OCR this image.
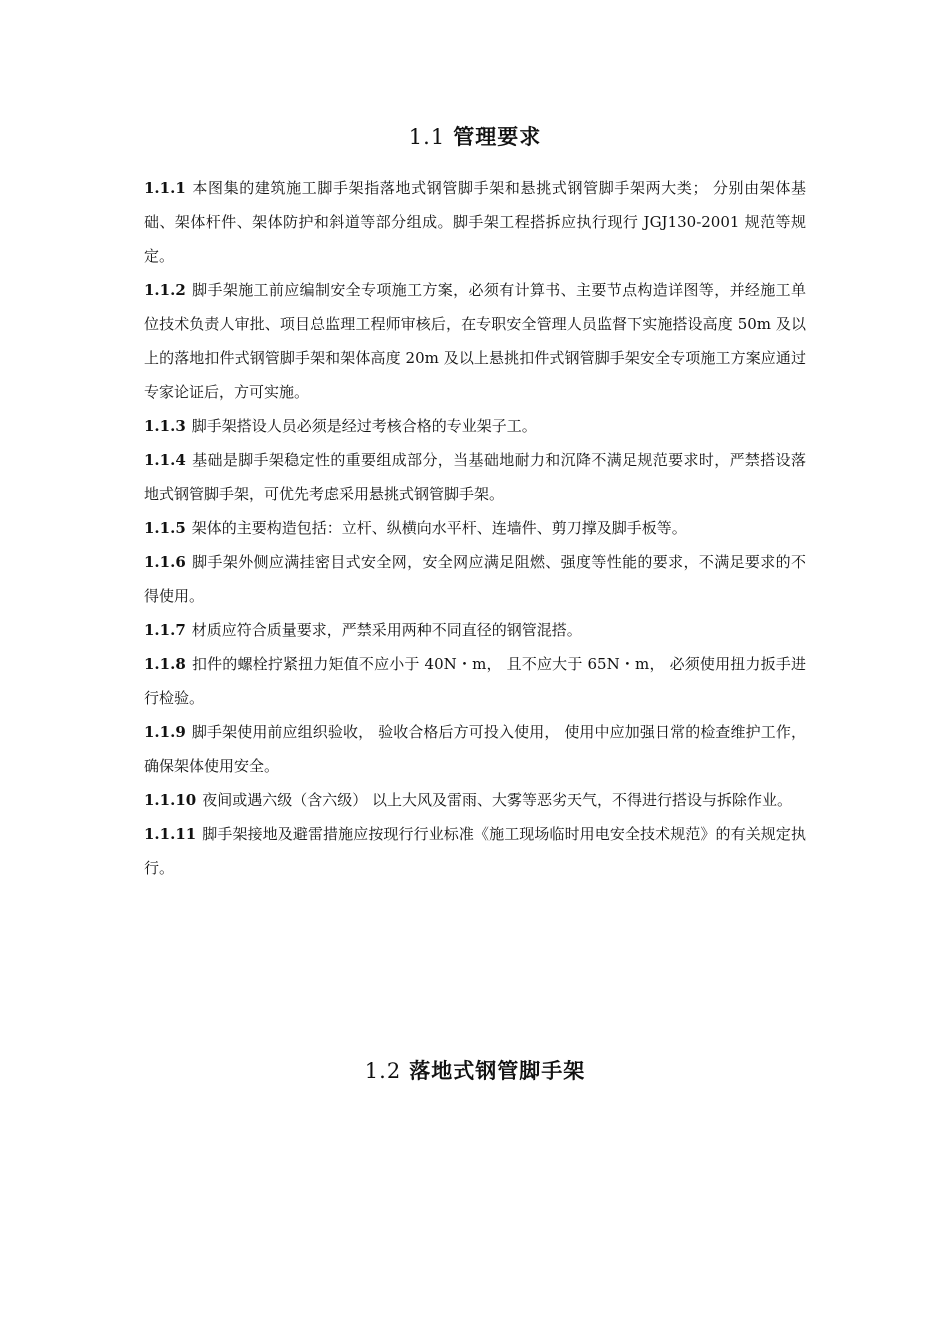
1.1 管理要求

1.1.1 本图集的建筑施工脚手架指落地式钢管脚手架和悬挑式钢管脚手架两大类； 分别由架体基础、架体杆件、架体防护和斜道等部分组成。脚手架工程搭拆应执行现行 JGJ130-2001 规范等规定。

1.1.2 脚手架施工前应编制安全专项施工方案，必须有计算书、主要节点构造详图等，并经施工单位技术负责人审批、项目总监理工程师审核后，在专职安全管理人员监督下实施搭设高度 50m 及以上的落地扣件式钢管脚手架和架体高度 20m 及以上悬挑扣件式钢管脚手架安全专项施工方案应通过专家论证后，方可实施。

1.1.3 脚手架搭设人员必须是经过考核合格的专业架子工。

1.1.4 基础是脚手架稳定性的重要组成部分，当基础地耐力和沉降不满足规范要求时，严禁搭设落地式钢管脚手架，可优先考虑采用悬挑式钢管脚手架。

1.1.5 架体的主要构造包括：立杆、纵横向水平杆、连墙件、剪刀撑及脚手板等。

1.1.6 脚手架外侧应满挂密目式安全网，安全网应满足阻燃、强度等性能的要求，不满足要求的不得使用。

1.1.7 材质应符合质量要求，严禁采用两种不同直径的钢管混搭。

1.1.8 扣件的螺栓拧紧扭力矩值不应小于 40N・m， 且不应大于 65N・m， 必须使用扭力扳手进行检验。

1.1.9 脚手架使用前应组织验收， 验收合格后方可投入使用， 使用中应加强日常的检查维护工作，确保架体使用安全。

1.1.10 夜间或遇六级（含六级） 以上大风及雷雨、大雾等恶劣天气，不得进行搭设与拆除作业。

1.1.11 脚手架接地及避雷措施应按现行行业标准《施工现场临时用电安全技术规范》的有关规定执行。

1.2 落地式钢管脚手架
